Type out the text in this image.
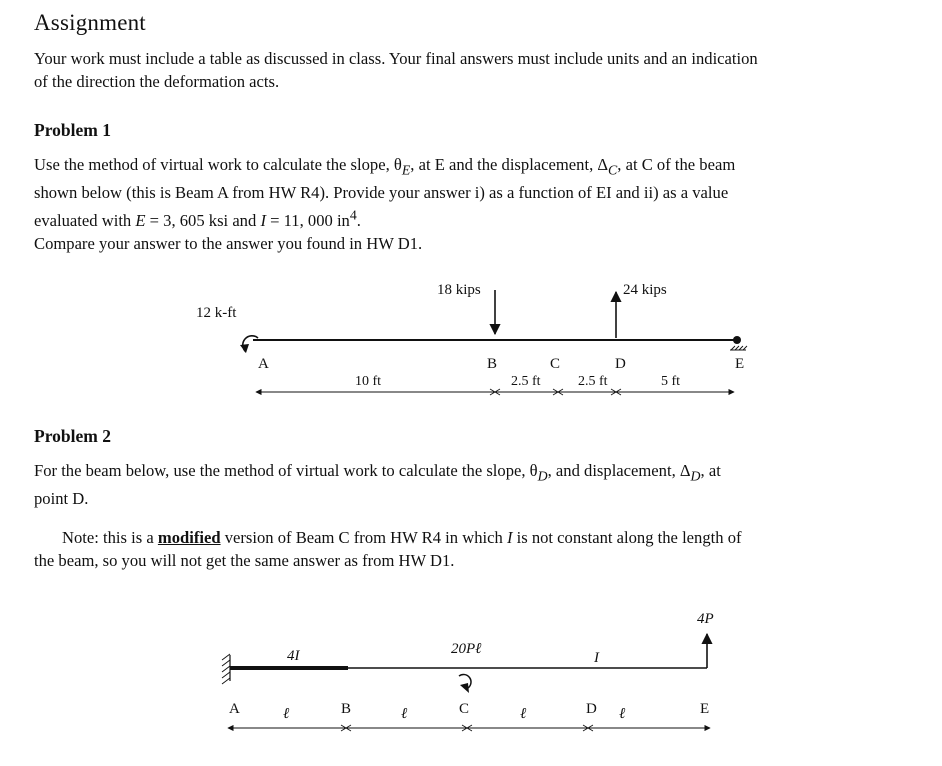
Assignment

Your work must include a table as discussed in class. Your final answers must include units and an indication
of the direction the deformation acts.

Problem 1

Use the method of virtual work to calculate the slope, $\theta_E$, at E and the displacement, $\Delta_C$, at C of the beam
shown below (this is Beam A from HW R4). Provide your answer i) as a function of EI and ii) as a value
evaluated with E = 3, 605 ksi and I = 11, 000 $in^4$.
Compare your answer to the answer you found in HW D1.

Problem 2

For the beam below, use the method of virtual work to calculate the slope, $\theta_D$, and displacement, $\Delta_D$, at
point D.

Note: this is a modified version of Beam C from HW R4 in which I is not constant along the length of
the beam, so you will not get the same answer as from HW D1.

12 k-ft
A
18 kips
B	C
24 kips
D	E
10 ft	2.5 ft	2.5 ft	5 ft
4I	I
20Pℓ
4P
A	B	C	D	E
ℓ	ℓ	ℓ	ℓ
